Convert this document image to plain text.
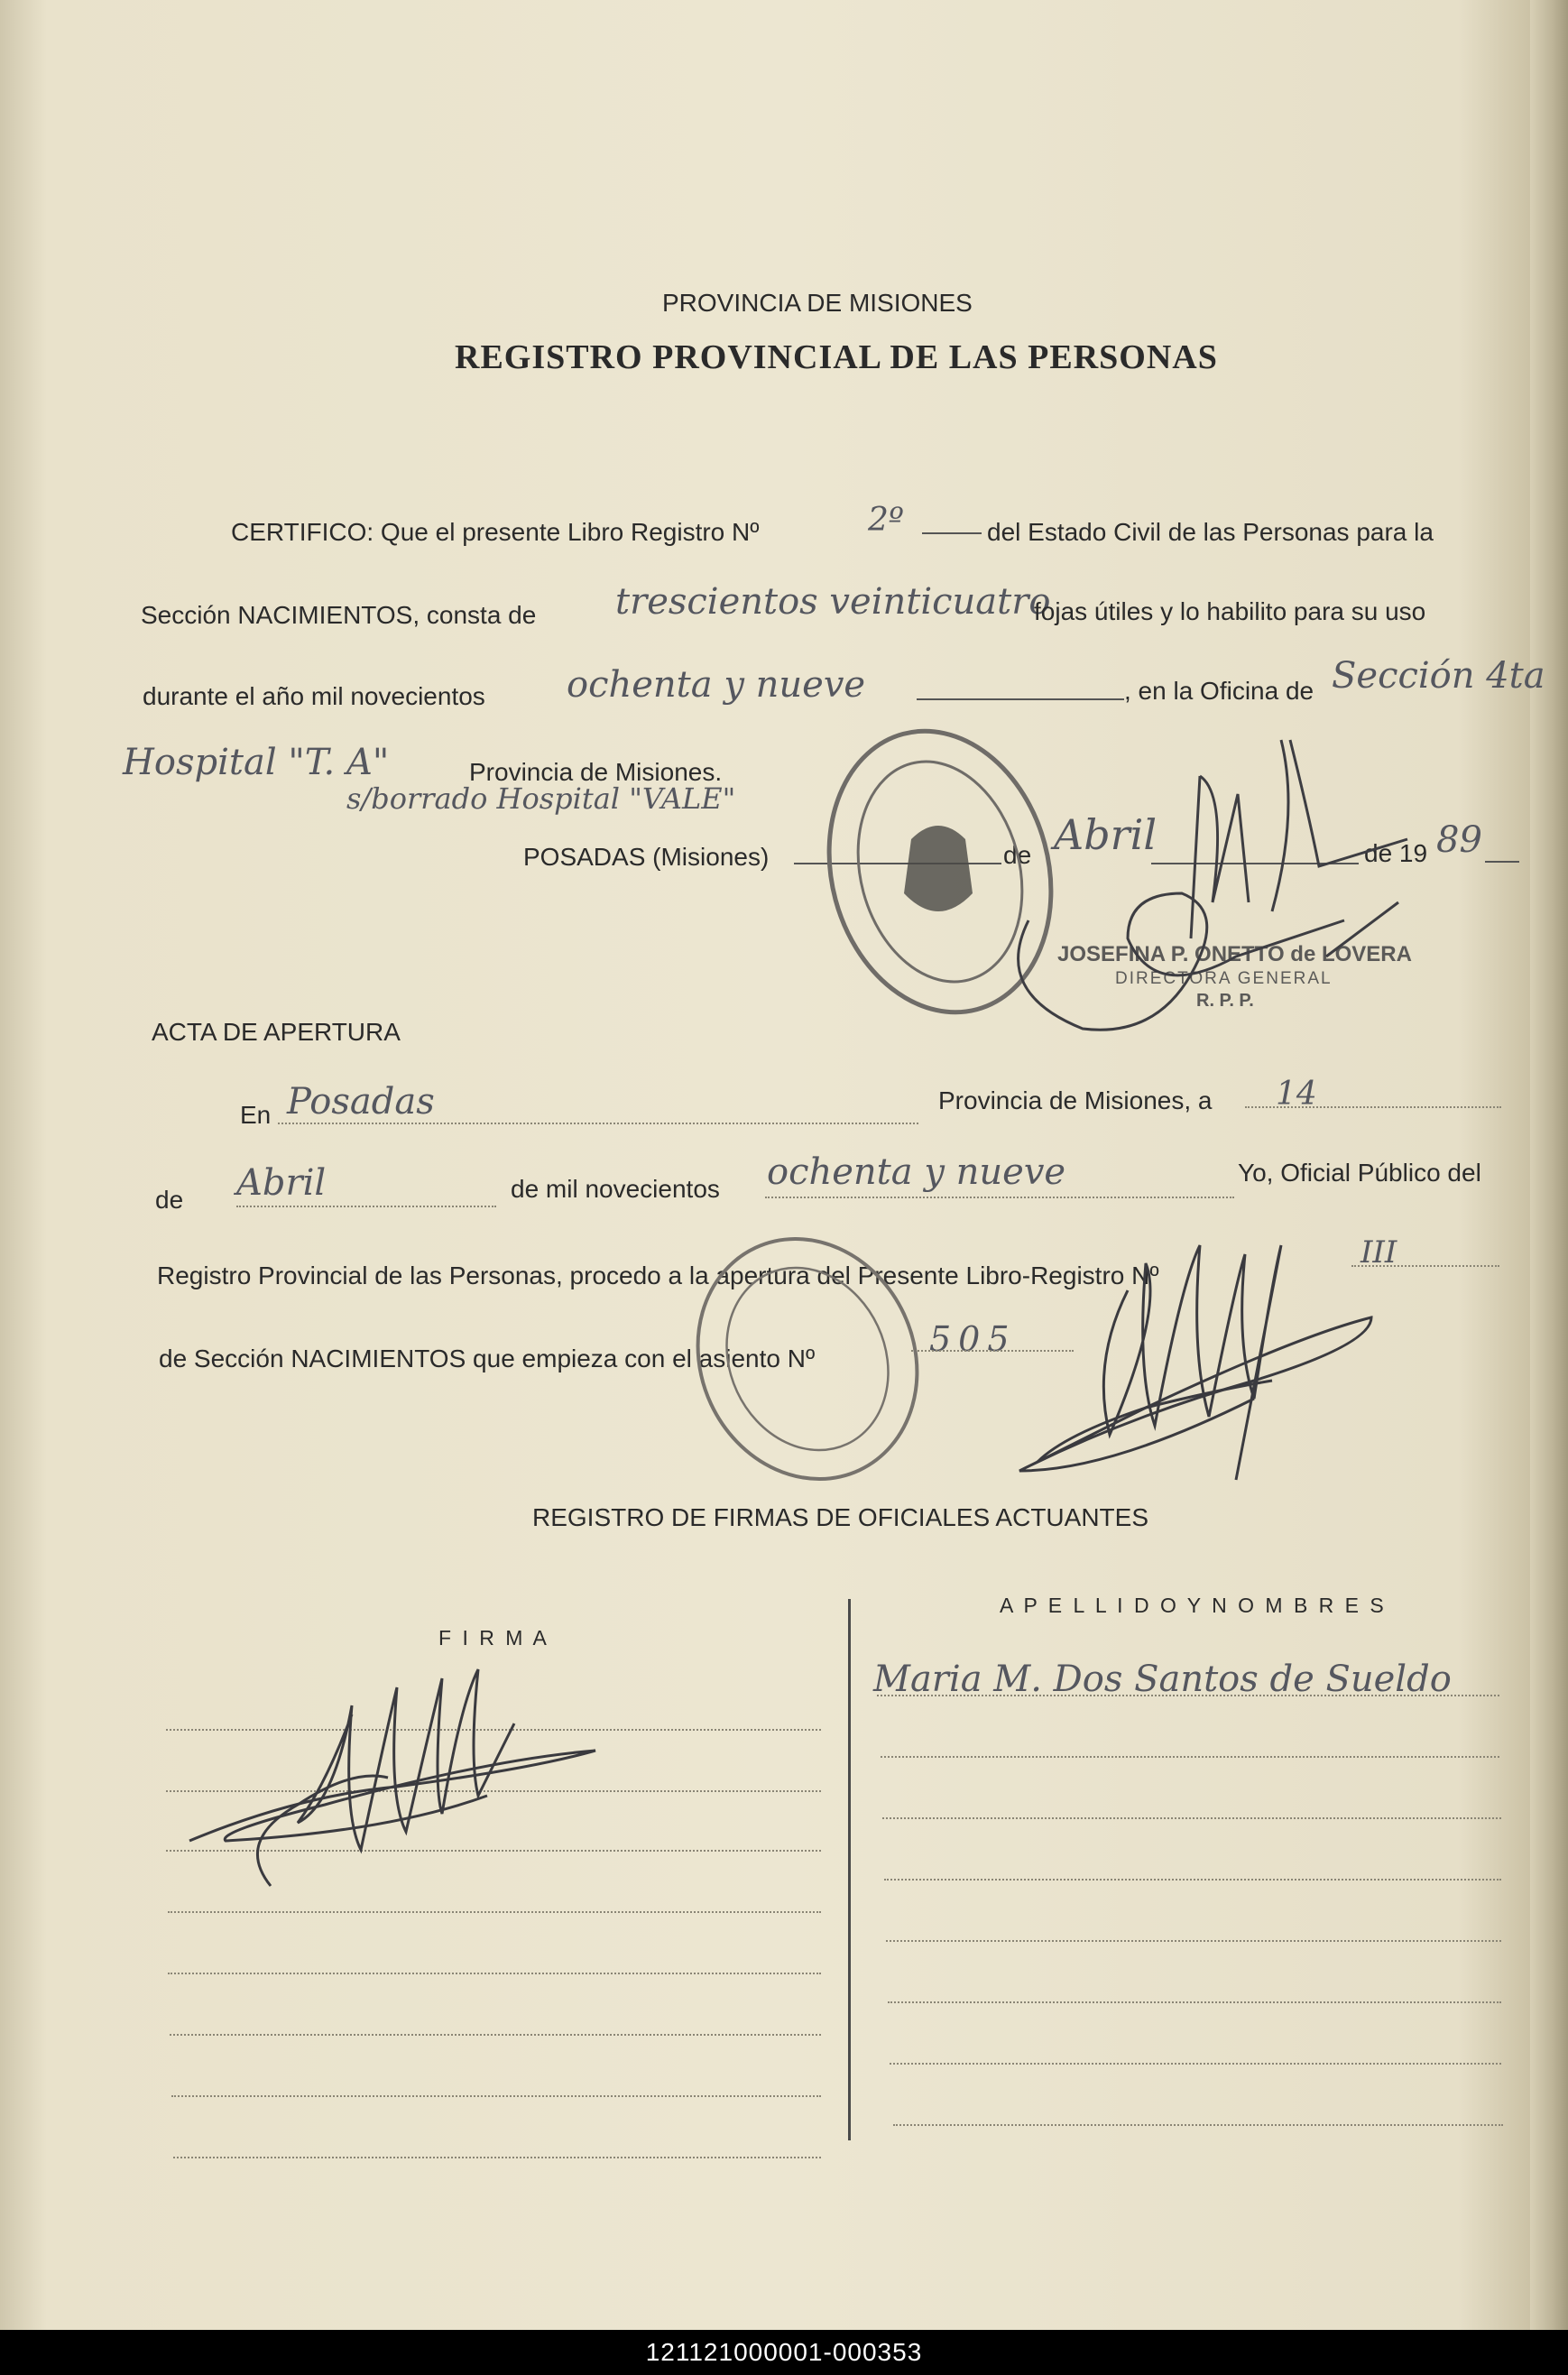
PROVINCIA DE MISIONES
REGISTRO PROVINCIAL DE LAS PERSONAS
CERTIFICO: Que el presente Libro Registro Nº	2º	del Estado Civil de las Personas para la
Sección NACIMIENTOS, consta de trescientos veinticuatro
fojas útiles y lo habilito para su uso
durante el año mil novecientos ochenta y nueve	, en la Oficina de Sección 4ta
Hospital "T. A"	Provincia de Misiones.
s/borrado Hospital "VALE"
POSADAS (Misiones)	de Abril	de 19 89
JOSEFINA P. ONETTO de LOVERA
DIRECTORA GENERAL
R. P. P.
ACTA DE APERTURA
En Posadas	Provincia de Misiones, a 14
de Abril	de mil novecientos ochenta y nueve	Yo, Oficial Público del
Registro Provincial de las Personas, procedo a la apertura del Presente Libro-Registro Nº
III
de Sección NACIMIENTOS que empieza con el asiento Nº	505
REGISTRO DE FIRMAS DE OFICIALES ACTUANTES
F I R M A
A P E L L I D O Y N O M B R E S
Maria M. Dos Santos de Sueldo
121121000001-000353
